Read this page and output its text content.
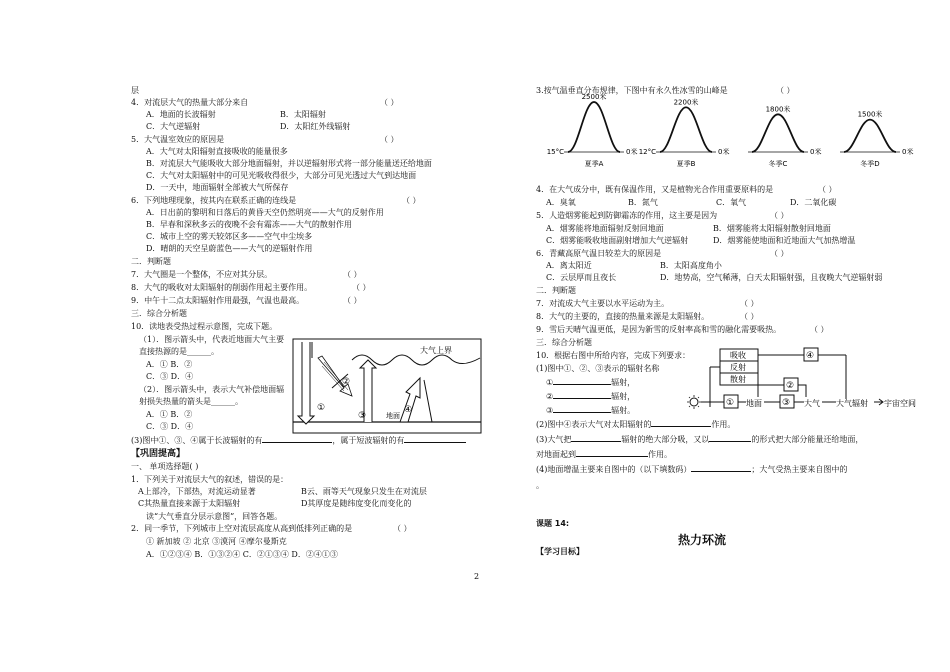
层
4．对流层大气的热量大部分来自	（ ）
A．地面的长波辐射	B．太阳辐射
C．大气逆辐射	D．太阳红外线辐射
5．大气温室效应的原因是	（ ）
A．大气对太阳辐射直接吸收的能量很多
B．对流层大气能吸收大部分地面辐射，并以逆辐射形式将一部分能量送还给地面
C．大气对太阳辐射中的可见光吸收得很少，大部分可见光透过大气到达地面
D．一天中，地面辐射全部被大气所保存
6．下列地理现象，按其内在联系正确的连线是	（ ）
A．日出前的黎明和日落后的黄昏天空仍然明亮——大气的反射作用
B．早春和深秋多云的夜晚不会有霜冻——大气的散射作用
C．城市上空的雾天较郊区多——空气中尘埃多
D．晴朗的天空呈蔚蓝色——大气的逆辐射作用
二．判断题
7．大气圈是一个整体，不应对其分层。	（ ）
8．大气的吸收对太阳辐射的削弱作用起主要作用。	（ ）
9．中午十二点太阳辐射作用最强，气温也最高。	（ ）
三．综合分析题
10．读地表受热过程示意图，完成下题。
（1）．图示箭头中，代表近地面大气主要
直接热源的是______。
A．① B．②
C．③ D．④
（2）．图示箭头中，表示大气补偿地面辐
射损失热量的箭头是______。
A．① B．②
C．③ D．④
大气上界
地面
①
②
③
④
(3)图中①、③、④属于长波辐射的有	，属于短波辐射的有
【巩固提高】
一、 单项选择题( )
1．下列关于对流层大气的叙述，错误的是：
A上部冷，下部热，对流运动显著	B云、雨等天气现象只发生在对流层
C其热量直接来源于太阳辐射	D其厚度是随纬度变化而变化的
读“大气垂直分层示意图”，回答各题。
2．同一季节，下列城市上空对流层高度从高到低排列正确的是	（ ）
① 新加坡 ② 北京 ③漠河 ④摩尔曼斯克
A．①②③④ B．①③②④ C．②①③④ D．②④①③
3.按气温垂直分布规律，下图中有永久性冰雪的山峰是	（ ）
2500米
15°C	0米
夏季A
2200米
12°C	0米
夏季B
1800米
0米
冬季C
1500米
0米
冬季D
4．在大气成分中，既有保温作用，又是植物光合作用重要原料的是	（ ）
A．臭氧	B．氮气	C．氧气	D．二氧化碳
5．人造烟雾能起到防御霜冻的作用，这主要是因为	（ ）
A．烟雾能将地面辐射反射回地面	B．烟雾能将太阳辐射散射回地面
C．烟雾能吸收地面副射增加大气逆辐射	D．烟雾能使地面和近地面大气加热增温
6．青藏高原气温日较差大的原因是	（ ）
A．离太阳近	B．太阳高度角小
C．云层厚而且夜长	D．地势高，空气稀薄，白天太阳辐射强，且夜晚大气逆辐射弱
二．判断题
7．对流成大气主要以水平运动为主。	（ ）
8．大气的主要的，直接的热量来源是太阳辐射。	（ ）
9．雪后天晴气温更低，是因为新雪的反射率高和雪的融化需要吸热。	（ ）
三．综合分析题
10．根据右图中所给内容，完成下列要求：
(1)图中①、②、③表示的辐射名称
①	辐射，
②	辐射，
③	辐射。
吸收
反射
散射
④
① 地面 ③ 大气
②
大气辐射 宇宙空间
(2)图中④表示大气对太阳辐射的	作用。
(3)大气把	辐射的绝大部分吸，又以	的形式把大部分能量还给地面，
对地面起到	作用。
(4)地面增温主要来自图中的（以下填数码）	；大气受热主要来自图中的
。
课题 14:
热力环流
【学习目标】
2
